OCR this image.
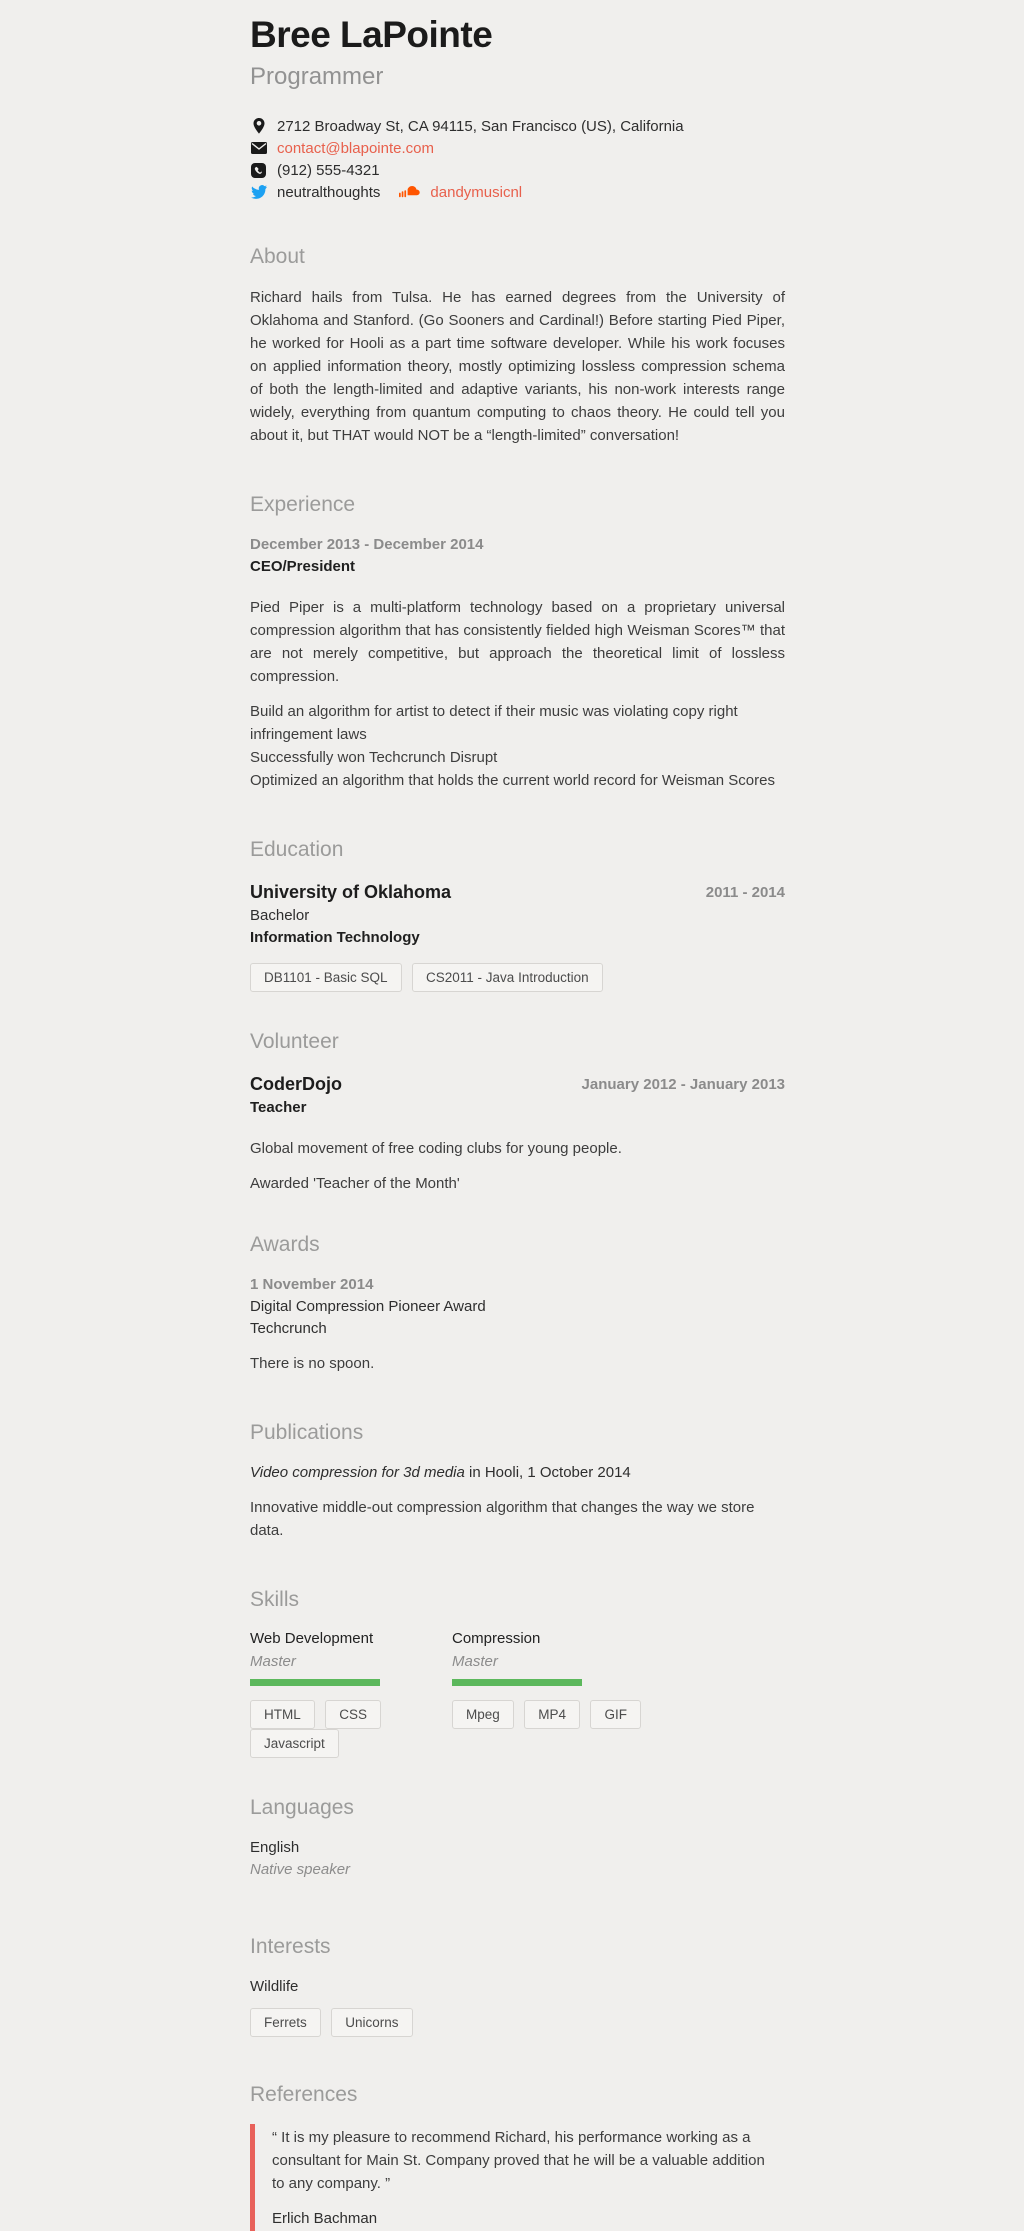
Bree LaPointe
Programmer
2712 Broadway St, CA 94115, San Francisco (US), California
contact@blapointe.com
(912) 555-4321
neutralthoughts	dandymusicnl
About
Richard hails from Tulsa. He has earned degrees from the University of Oklahoma and Stanford. (Go Sooners and Cardinal!) Before starting Pied Piper, he worked for Hooli as a part time software developer. While his work focuses on applied information theory, mostly optimizing lossless compression schema of both the length-limited and adaptive variants, his non-work interests range widely, everything from quantum computing to chaos theory. He could tell you about it, but THAT would NOT be a “length-limited” conversation!
Experience
December 2013 - December 2014
CEO/President
Pied Piper is a multi-platform technology based on a proprietary universal compression algorithm that has consistently fielded high Weisman Scores™ that are not merely competitive, but approach the theoretical limit of lossless compression.
Build an algorithm for artist to detect if their music was violating copy right infringement laws
Successfully won Techcrunch Disrupt
Optimized an algorithm that holds the current world record for Weisman Scores
Education
University of Oklahoma	2011 - 2014
Bachelor
Information Technology
DB1101 - Basic SQL	CS2011 - Java Introduction
Volunteer
CoderDojo	January 2012 - January 2013
Teacher
Global movement of free coding clubs for young people.
Awarded 'Teacher of the Month'
Awards
1 November 2014
Digital Compression Pioneer Award
Techcrunch
There is no spoon.
Publications
Video compression for 3d media in Hooli, 1 October 2014
Innovative middle-out compression algorithm that changes the way we store data.
Skills
Web Development
Master
HTML	CSS Javascript
Compression
Master
Mpeg	MP4	GIF
Languages
English
Native speaker
Interests
Wildlife
Ferrets	Unicorns
References
“ It is my pleasure to recommend Richard, his performance working as a consultant for Main St. Company proved that he will be a valuable addition to any company. ”
Erlich Bachman
